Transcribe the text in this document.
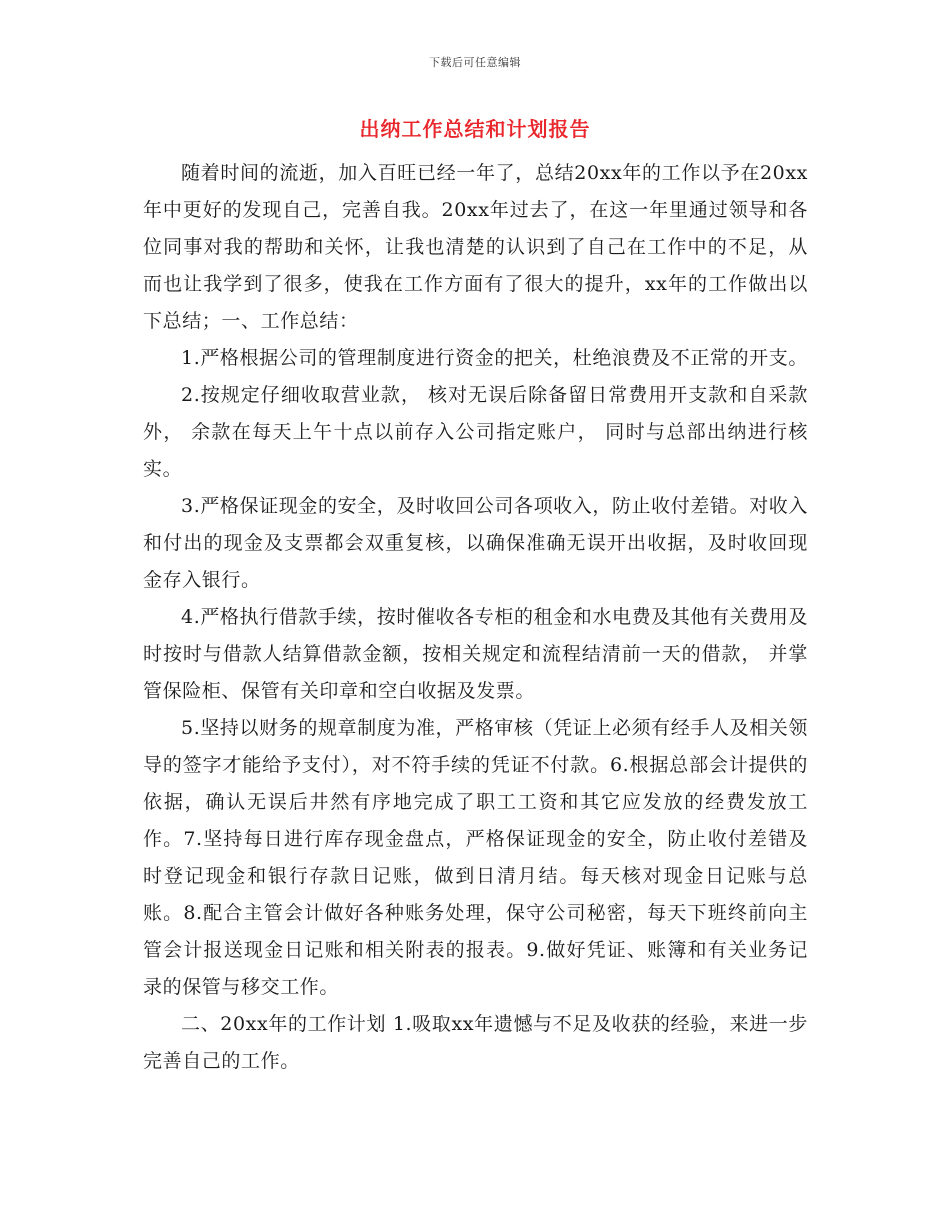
下载后可任意编辑
出纳工作总结和计划报告

随着时间的流逝，加入百旺已经一年了，总结20xx年的工作以予在20xx年中更好的发现自己，完善自我。20xx年过去了，在这一年里通过领导和各位同事对我的帮助和关怀，让我也清楚的认识到了自己在工作中的不足，从而也让我学到了很多，使我在工作方面有了很大的提升，xx年的工作做出以下总结；一、工作总结：

1.严格根据公司的管理制度进行资金的把关，杜绝浪费及不正常的开支。

2.按规定仔细收取营业款， 核对无误后除备留日常费用开支款和自采款外， 余款在每天上午十点以前存入公司指定账户， 同时与总部出纳进行核实。

3.严格保证现金的安全，及时收回公司各项收入，防止收付差错。对收入和付出的现金及支票都会双重复核，以确保准确无误开出收据，及时收回现金存入银行。

4.严格执行借款手续，按时催收各专柜的租金和水电费及其他有关费用及时按时与借款人结算借款金额，按相关规定和流程结清前一天的借款， 并掌管保险柜、保管有关印章和空白收据及发票。

5.坚持以财务的规章制度为准，严格审核（凭证上必须有经手人及相关领导的签字才能给予支付），对不符手续的凭证不付款。6.根据总部会计提供的依据，确认无误后井然有序地完成了职工工资和其它应发放的经费发放工作。7.坚持每日进行库存现金盘点，严格保证现金的安全，防止收付差错及时登记现金和银行存款日记账，做到日清月结。每天核对现金日记账与总账。8.配合主管会计做好各种账务处理，保守公司秘密，每天下班终前向主管会计报送现金日记账和相关附表的报表。9.做好凭证、账簿和有关业务记录的保管与移交工作。

二、20xx年的工作计划 1.吸取xx年遗憾与不足及收获的经验，来进一步完善自己的工作。
